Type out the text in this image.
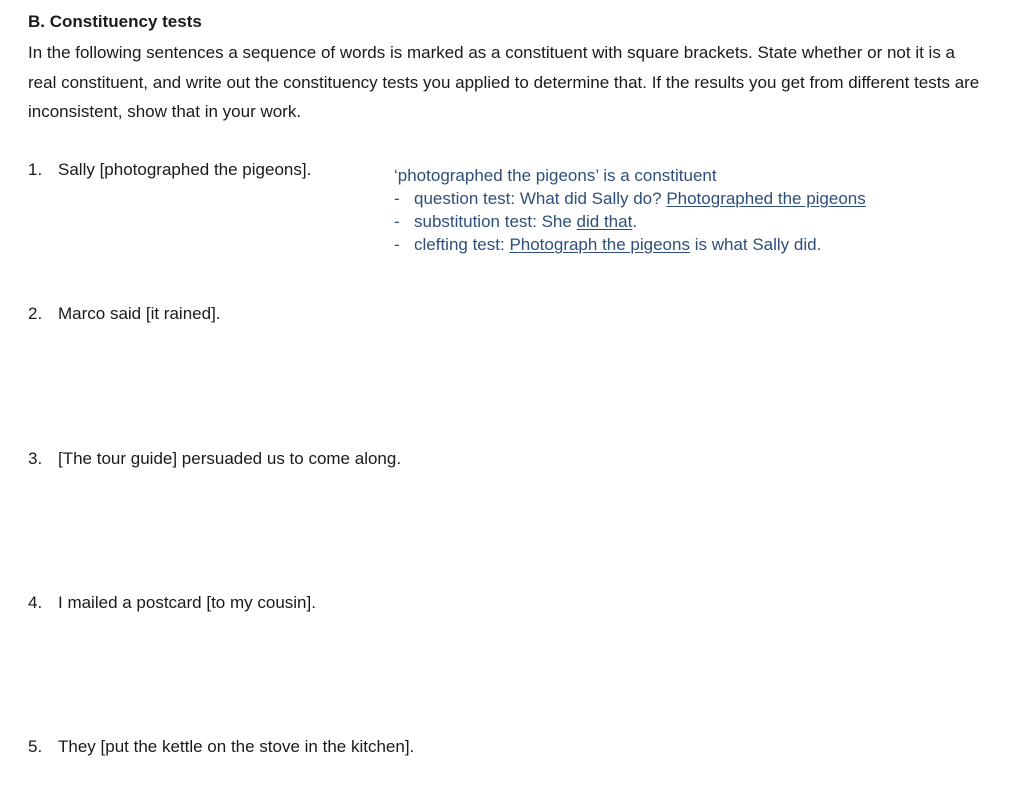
B. Constituency tests
In the following sentences a sequence of words is marked as a constituent with square brackets. State whether or not it is a real constituent, and write out the constituency tests you applied to determine that. If the results you get from different tests are inconsistent, show that in your work.
1. Sally [photographed the pigeons].	‘photographed the pigeons’ is a constituent
- question test: What did Sally do? Photographed the pigeons
- substitution test: She did that.
- clefting test: Photograph the pigeons is what Sally did.
2. Marco said [it rained].
3. [The tour guide] persuaded us to come along.
4. I mailed a postcard [to my cousin].
5. They [put the kettle on the stove in the kitchen].
